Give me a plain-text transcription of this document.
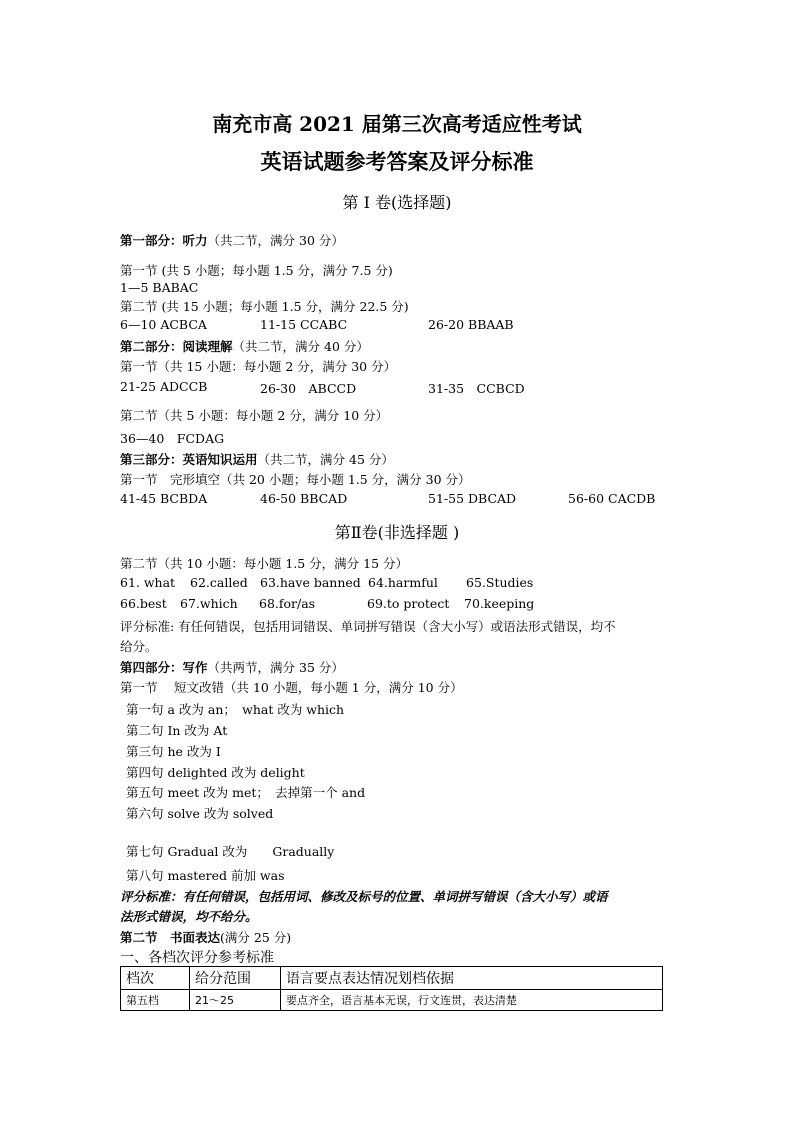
南充市高 2021 届第三次高考适应性考试
英语试题参考答案及评分标准
第 I 卷(选择题)
第一部分：听力（共二节，满分 30 分）
第一节 (共 5 小题；每小题 1.5 分，满分 7.5 分)
1—5 BABAC
第二节 (共 15 小题；每小题 1.5 分，满分 22.5 分)
6—10 ACBCA	11-15 CCABC	26-20 BBAAB
第二部分：阅读理解（共二节，满分 40 分）
第一节（共 15 小题：每小题 2 分，满分 30 分）
21-25 ADCCB	26-30　ABCCD	31-35　CCBCD
第二节（共 5 小题：每小题 2 分，满分 10 分）
36—40　FCDAG
第三部分：英语知识运用（共二节，满分 45 分）
第一节　完形填空（共 20 小题；每小题 1.5 分，满分 30 分）
41-45 BCBDA	46-50 BBCAD	51-55 DBCAD	56-60 CACDB
第Ⅱ卷(非选择题 )
第二节（共 10 小题：每小题 1.5 分，满分 15 分）
61. what 62.called 63.have banned 64.harmful 65.Studies
66.best 67.which 68.for/as	69.to protect 70.keeping
评分标准: 有任何错误，包括用词错误、单词拼写错误（含大小写）或语法形式错误，均不
给分。
第四部分：写作（共两节，满分 35 分）
第一节　 短文改错（共 10 小题，每小题 1 分，满分 10 分）
第一句 a 改为 an；　what 改为 which
第二句 In 改为 At
第三句 he 改为 I
第四句 delighted 改为 delight
第五句 meet 改为 met；　去掉第一个 and
第六句 solve 改为 solved
第七句 Gradual 改为　　Gradually
第八句 mastered 前加 was
评分标准：有任何错误，包括用词、修改及标号的位置、单词拼写错误（含大小写）或语
法形式错误，均不给分。
第二节　 书面表达(满分 25 分)
一、各档次评分参考标准
档次	给分范围	语言要点表达情况划档依据
第五档	21～25	要点齐全，语言基本无误，行文连贯，表达清楚
